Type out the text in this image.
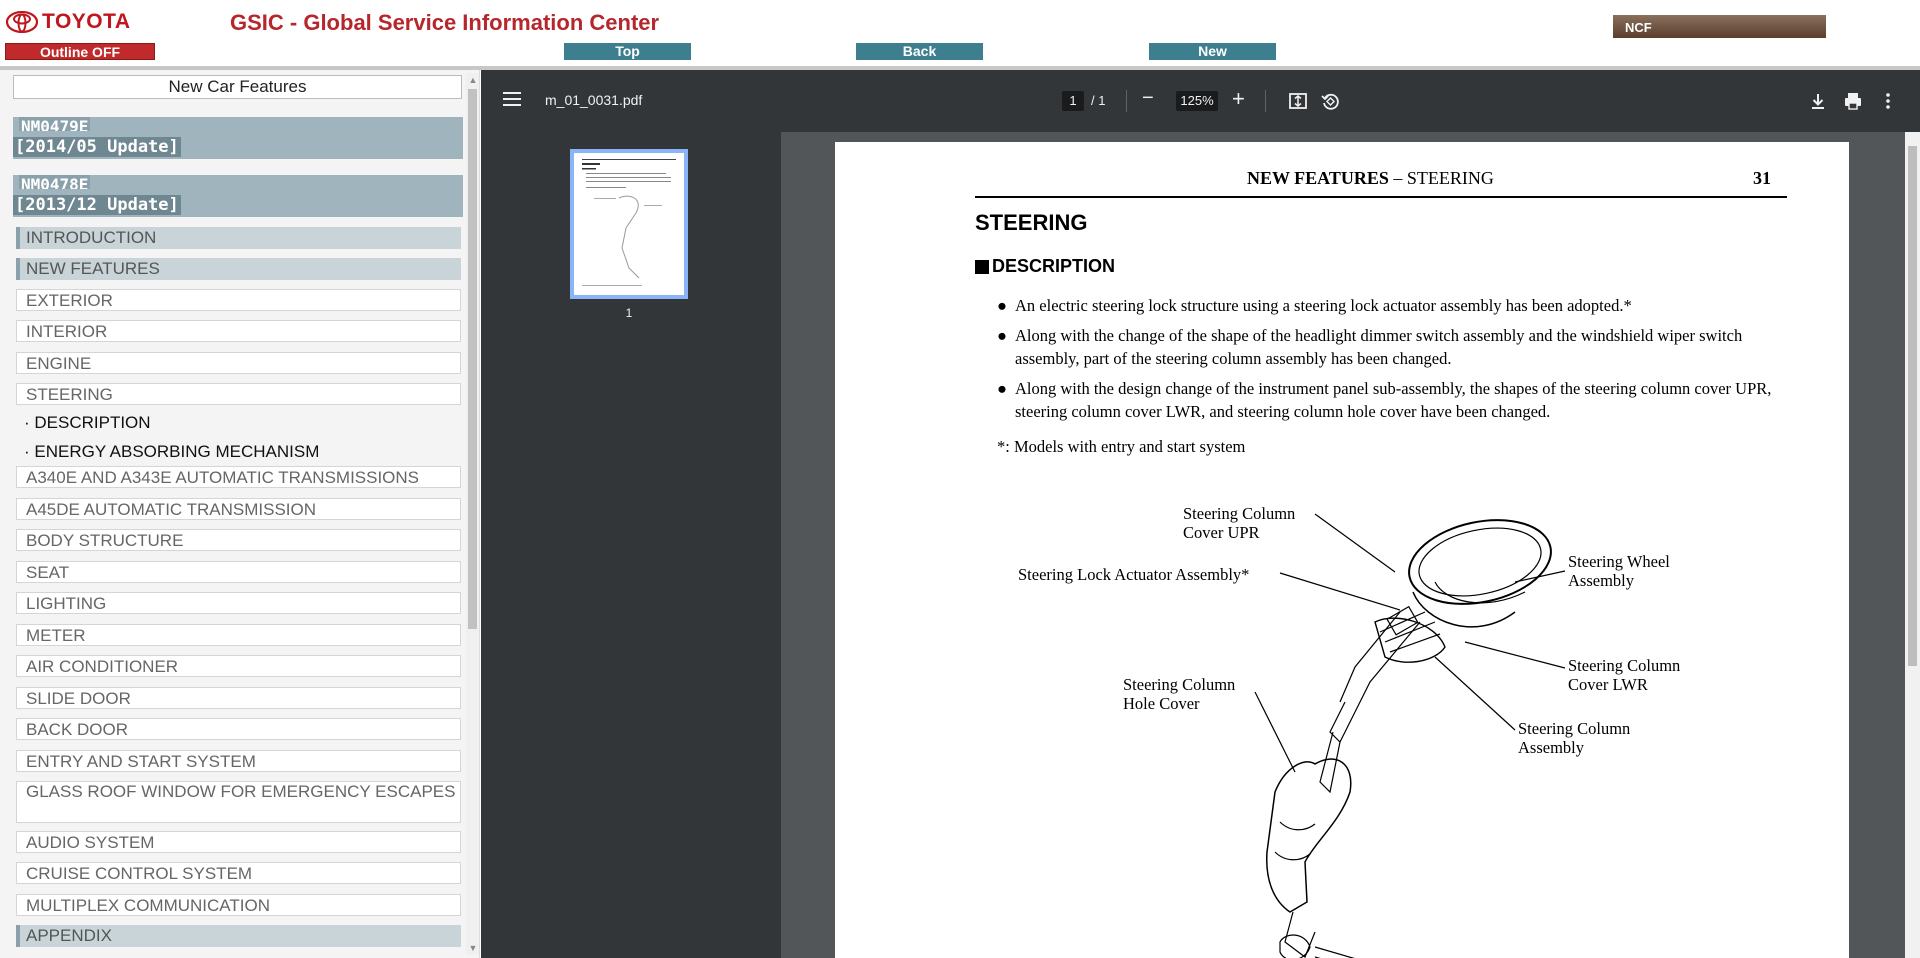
TOYOTA	GSIC - Global Service Information Center
Outline OFF	Top	Back	New
NCF
New Car Features
NM0479E
[2014/05 Update]
NM0478E
[2013/12 Update]
INTRODUCTION
NEW FEATURES
EXTERIOR
INTERIOR
ENGINE
STEERING
· DESCRIPTION
· ENERGY ABSORBING MECHANISM
A340E AND A343E AUTOMATIC TRANSMISSIONS
A45DE AUTOMATIC TRANSMISSION
BODY STRUCTURE
SEAT
LIGHTING
METER
AIR CONDITIONER
SLIDE DOOR
BACK DOOR
ENTRY AND START SYSTEM
GLASS ROOF WINDOW FOR EMERGENCY ESCAPES
AUDIO SYSTEM
CRUISE CONTROL SYSTEM
MULTIPLEX COMMUNICATION
APPENDIX
▲
▼
m_01_0031.pdf	1	/ 1 −	125% +
1
NEW FEATURES – STEERING	31
STEERING
DESCRIPTION
● An electric steering lock structure using a steering lock actuator assembly has been adopted.*
● Along with the change of the shape of the headlight dimmer switch assembly and the windshield wiper switch assembly, part of the steering column assembly has been changed.
● Along with the design change of the instrument panel sub-assembly, the shapes of the steering column cover UPR, steering column cover LWR, and steering column hole cover have been changed.
*: Models with entry and start system
Steering Column
Cover UPR
Steering Lock Actuator Assembly*
Steering Wheel
Assembly
Steering Column
Cover LWR
Steering Column
Hole Cover
Steering Column
Assembly
